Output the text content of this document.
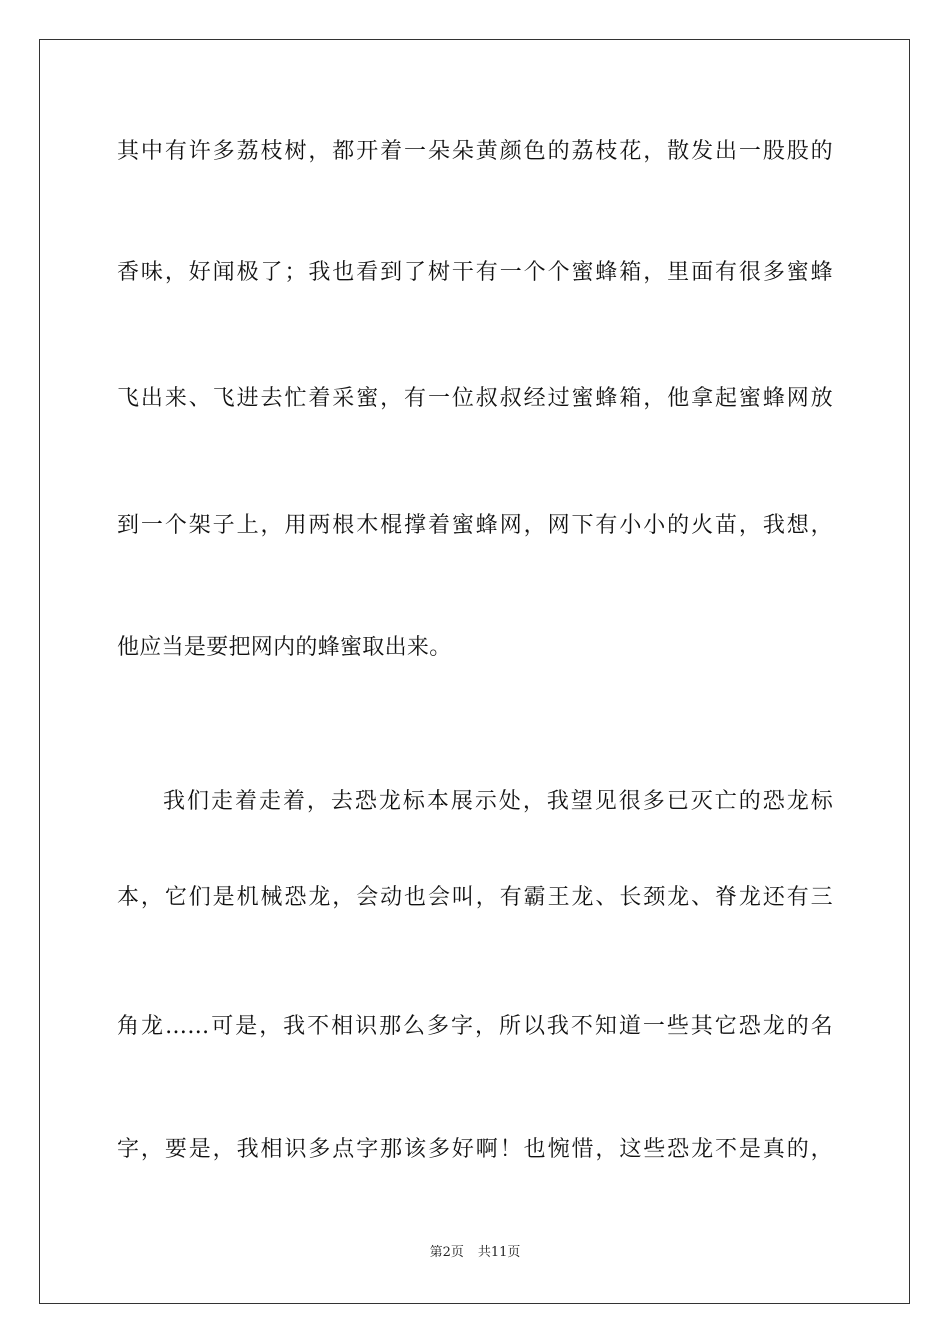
其中有许多荔枝树，都开着一朵朵黄颜色的荔枝花，散发出一股股的
香味，好闻极了；我也看到了树干有一个个蜜蜂箱，里面有很多蜜蜂
飞出来、飞进去忙着采蜜，有一位叔叔经过蜜蜂箱，他拿起蜜蜂网放
到一个架子上，用两根木棍撑着蜜蜂网，网下有小小的火苗，我想，
他应当是要把网内的蜂蜜取出来。
我们走着走着，去恐龙标本展示处，我望见很多已灭亡的恐龙标
本，它们是机械恐龙，会动也会叫，有霸王龙、长颈龙、脊龙还有三
角龙……可是，我不相识那么多字，所以我不知道一些其它恐龙的名
字，要是，我相识多点字那该多好啊！也惋惜，这些恐龙不是真的，
第2页 共11页
